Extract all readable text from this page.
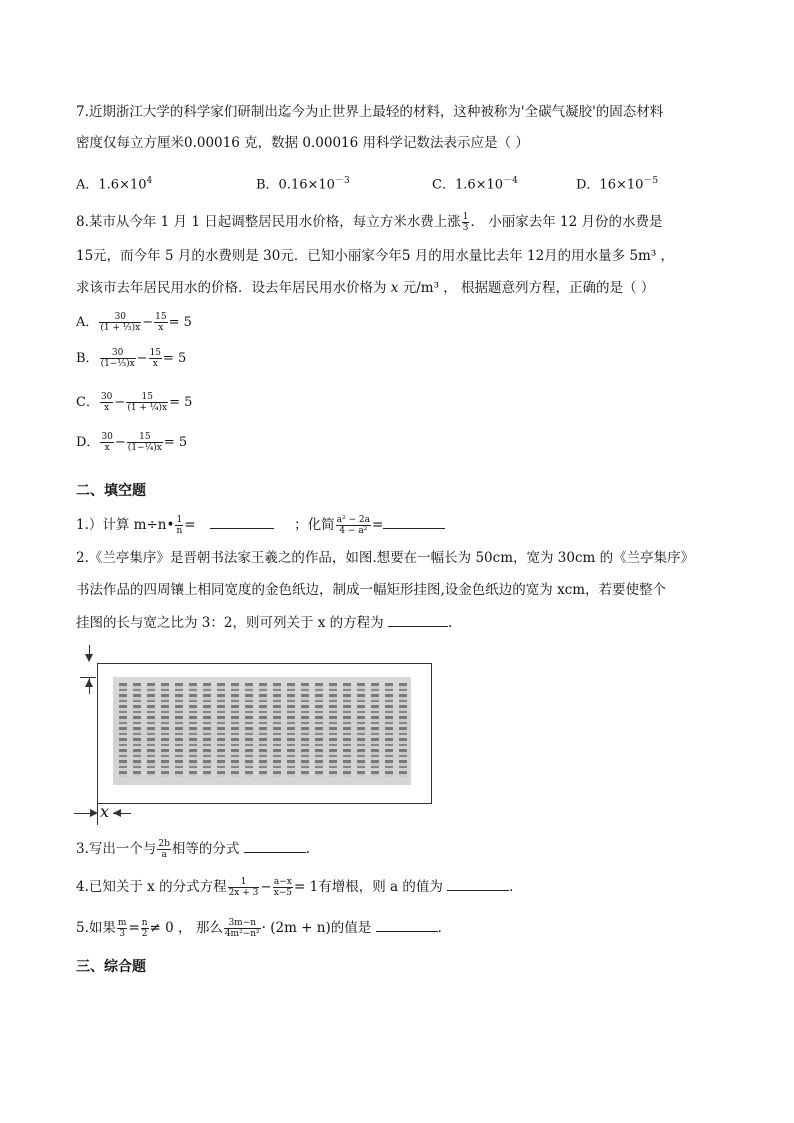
7.近期浙江大学的科学家们研制出迄今为止世界上最轻的材料，这种被称为'全碳气凝胶'的固态材料
密度仅每立方厘米0.00016 克，数据 0.00016 用科学记数法表示应是（ ）
A．$1.6\times 10^4$	B．$0.16\times 10^{-3}$	C．$1.6\times 10^{-4}$	D．$16\times 10^{-5}$
8.某市从今年 1 月 1 日起调整居民用水价格，每立方米水费上涨 $\frac{1}{3}$ ． 小丽家去年 12 月份的水费是
15元，而今年 5 月的水费则是 30元．已知小丽家今年5 月的用水量比去年 12月的用水量多 5m³ ，
求该市去年居民用水的价格．设去年居民用水价格为 x 元/m³ ， 根据题意列方程，正确的是（ ）
A． $\frac{30}{\text{(1 + ⅓)x}} - \frac{15}{x} = 5$
B． $\frac{30}{\text{(1−⅓)x}} - \frac{15}{x} = 5$
C． $\frac{30}{x} - \frac{15}{\text{(1 + ¼)x}} = 5$
D． $\frac{30}{x} - \frac{15}{\text{(1−¼)x}} = 5$
二、填空题
1.）计算 m÷n• $\frac{1}{n}$ =	；化简 $\frac{\text{a² − 2a}}{\text{4 − a²}}$ =
2.《兰亭集序》是晋朝书法家王羲之的作品，如图.想要在一幅长为 50cm，宽为 30cm 的《兰亭集序》
书法作品的四周镶上相同宽度的金色纸边，制成一幅矩形挂图,设金色纸边的宽为 xcm，若要使整个
挂图的长与宽之比为 3：2，则可列关于 x 的方程为	.
x
3.写出一个与 $\frac{2b}{a}$ 相等的分式	．
4.已知关于 x 的分式方程 $\frac{1}{2x + 3} - \frac{a-x}{x-5} = 1$有增根，则 a 的值为	．
5.如果 $\frac{m}{3} = \frac{n}{2} \ne 0$ ， 那么 $\frac{3m-n}{\text{4m²−n²}} \cdot (2m + n)$的值是	．
三、综合题
